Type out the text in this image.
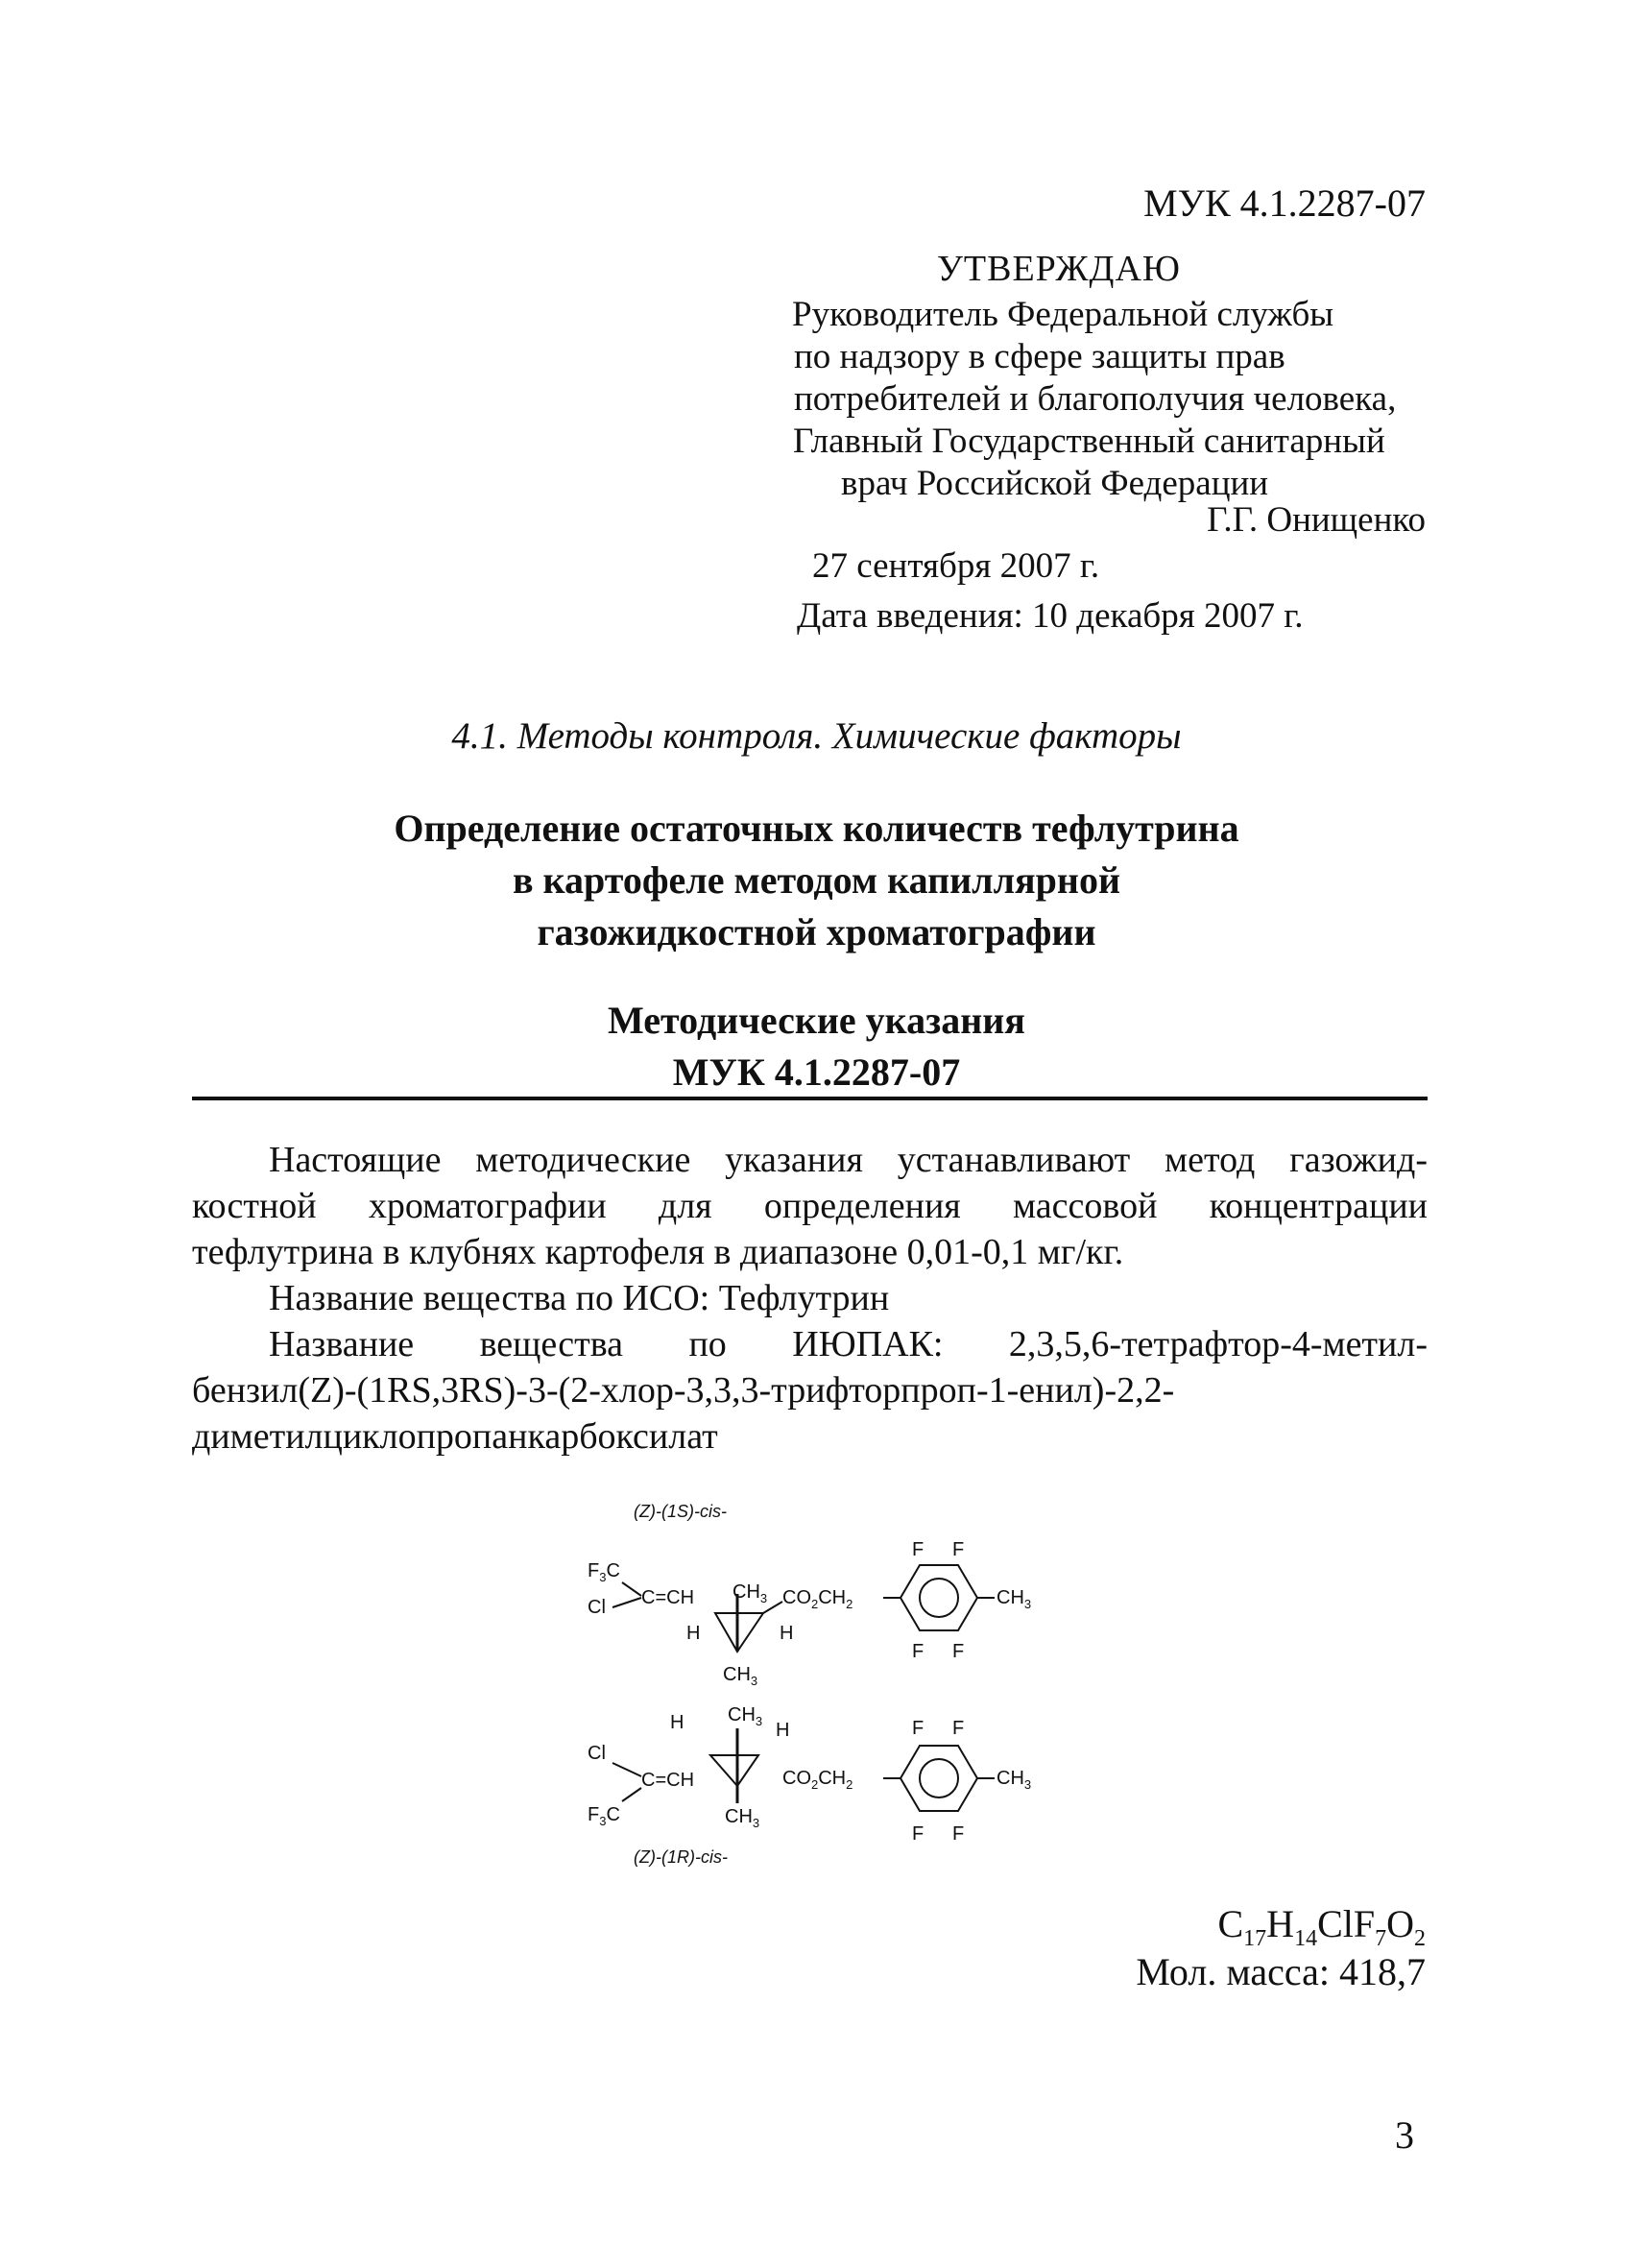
МУК 4.1.2287-07
УТВЕРЖДАЮ
Руководитель Федеральной службы
по надзору в сфере защиты прав
потребителей и благополучия человека,
Главный Государственный санитарный
врач Российской Федерации
Г.Г. Онищенко
27 сентября 2007 г.
Дата введения: 10 декабря 2007 г.
4.1. Методы контроля. Химические факторы
Определение остаточных количеств тефлутрина
в картофеле методом капиллярной
газожидкостной хроматографии
Методические указания
МУК 4.1.2287-07

Настоящие методические указания устанавливают метод газожид-

костной хроматографии для определения массовой концентрации

тефлутрина в клубнях картофеля в диапазоне 0,01-0,1 мг/кг.

Название вещества по ИСО: Тефлутрин

Название вещества по ИЮПАК: 2,3,5,6-тетрафтор-4-метил-

бензил(Z)-(1RS,3RS)-3-(2-хлор-3,3,3-трифторпроп-1-енил)-2,2-

диметилциклопропанкарбоксилат

(Z)-(1S)-cis-
$F_3C$
Cl C=CH $CH_3$
H	H
$CH_3$
$CO_2CH_2$
F F
F F
$CH_3$
H $CH_3$ H
Cl
C=CH
$F_3C$	$CH_3$
$CO_2CH_2$
F F
F F
$CH_3$
(Z)-(1R)-cis-
$C_{17}H_{14}ClF_7O_2$
Мол. масса: 418,7
3
